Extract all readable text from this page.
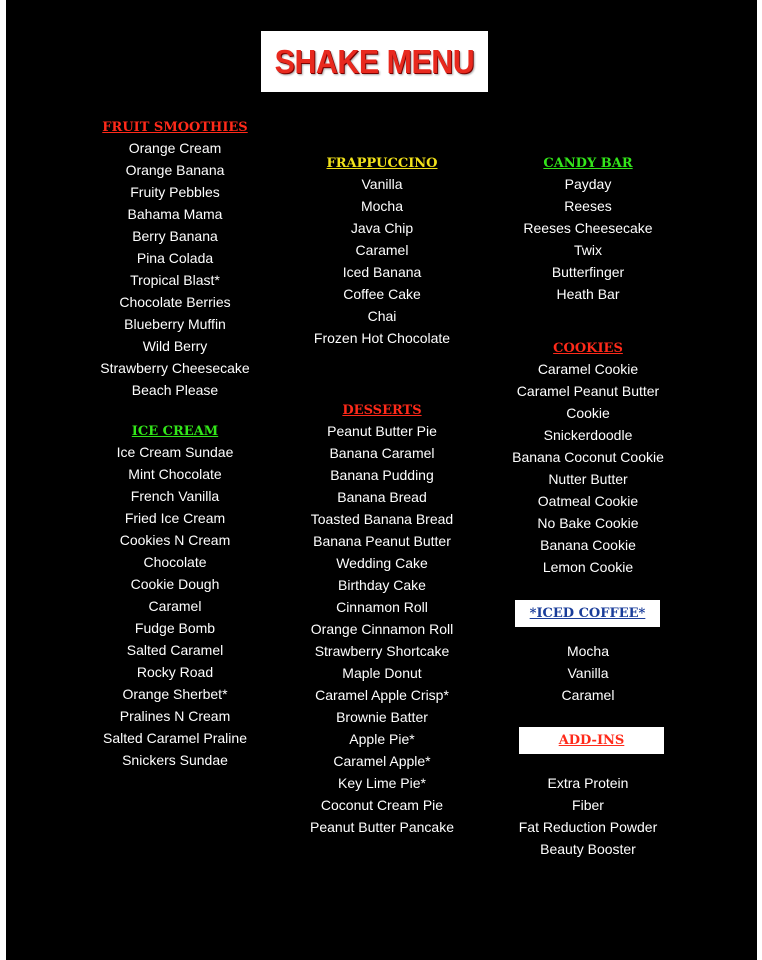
SHAKE MENU
FRUIT SMOOTHIES
Orange Cream
Orange Banana
Fruity Pebbles
Bahama Mama
Berry Banana
Pina Colada
Tropical Blast*
Chocolate Berries
Blueberry Muffin
Wild Berry
Strawberry Cheesecake
Beach Please
ICE CREAM
Ice Cream Sundae
Mint Chocolate
French Vanilla
Fried Ice Cream
Cookies N Cream
Chocolate
Cookie Dough
Caramel
Fudge Bomb
Salted Caramel
Rocky Road
Orange Sherbet*
Pralines N Cream
Salted Caramel Praline
Snickers Sundae
FRAPPUCCINO
Vanilla
Mocha
Java Chip
Caramel
Iced Banana
Coffee Cake
Chai
Frozen Hot Chocolate
DESSERTS
Peanut Butter Pie
Banana Caramel
Banana Pudding
Banana Bread
Toasted Banana Bread
Banana Peanut Butter
Wedding Cake
Birthday Cake
Cinnamon Roll
Orange Cinnamon Roll
Strawberry Shortcake
Maple Donut
Caramel Apple Crisp*
Brownie Batter
Apple Pie*
Caramel Apple*
Key Lime Pie*
Coconut Cream Pie
Peanut Butter Pancake
CANDY BAR
Payday
Reeses
Reeses Cheesecake
Twix
Butterfinger
Heath Bar
COOKIES
Caramel Cookie
Caramel Peanut Butter
Cookie
Snickerdoodle
Banana Coconut Cookie
Nutter Butter
Oatmeal Cookie
No Bake Cookie
Banana Cookie
Lemon Cookie
*ICED COFFEE*
Mocha
Vanilla
Caramel
ADD-INS
Extra Protein
Fiber
Fat Reduction Powder
Beauty Booster
